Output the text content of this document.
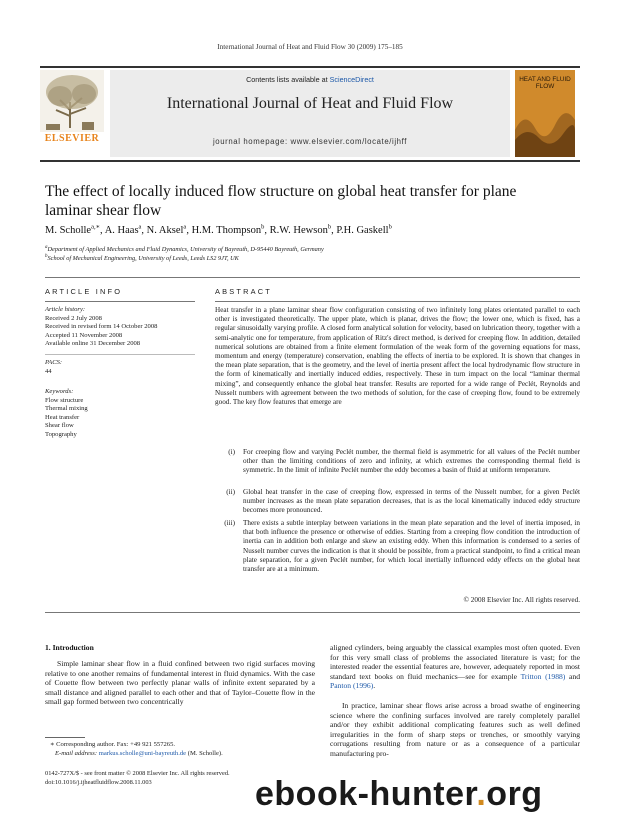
International Journal of Heat and Fluid Flow 30 (2009) 175–185
ELSEVIER
Contents lists available at ScienceDirect
International Journal of Heat and Fluid Flow
journal homepage: www.elsevier.com/locate/ijhff
HEAT AND FLUID FLOW
The effect of locally induced flow structure on global heat transfer for plane laminar shear flow
M. Scholle$^{a,∗}$, A. Haas$^a$, N. Aksel$^a$, H.M. Thompson$^b$, R.W. Hewson$^b$, P.H. Gaskell$^b$
$^a$Department of Applied Mechanics and Fluid Dynamics, University of Bayreuth, D-95440 Bayreuth, Germany
$^b$School of Mechanical Engineering, University of Leeds, Leeds LS2 9JT, UK
ARTICLE INFO
Article history:
Received 2 July 2008
Received in revised form 14 October 2008
Accepted 11 November 2008
Available online 31 December 2008
PACS:
44
Keywords:
Flow structure
Thermal mixing
Heat transfer
Shear flow
Topography
ABSTRACT

Heat transfer in a plane laminar shear flow configuration consisting of two infinitely long plates orientated parallel to each other is investigated theoretically. The upper plate, which is planar, drives the flow; the lower one, which is fixed, has a regular sinusoidally varying profile. A closed form analytical solution for velocity, based on lubrication theory, together with a semi-analytic one for temperature, from application of Ritz's direct method, is derived for creeping flow. In addition, detailed numerical solutions are obtained from a finite element formulation of the weak form of the governing equations for mass, momentum and energy (temperature) conservation, enabling the effects of inertia to be explored. It is shown that changes in the mean plate separation, that is the geometry, and the level of inertia present affect the local hydrodynamic flow structure in the form of kinematically and inertially induced eddies, respectively. These in turn impact on the local “laminar thermal mixing”, and consequently enhance the global heat transfer. Results are reported for a wide range of Peclét, Reynolds and Nusselt numbers with agreement between the two methods of solution, for the case of creeping flow, found to be extremely good. The key flow features that emerge are

(i) For creeping flow and varying Peclét number, the thermal field is asymmetric for all values of the Peclét number other than the limiting conditions of zero and infinity, at which extremes the corresponding thermal field is symmetric. In the limit of infinite Peclét number the eddy becomes a basin of fluid at uniform temperature.
(ii) Global heat transfer in the case of creeping flow, expressed in terms of the Nusselt number, for a given Peclét number increases as the mean plate separation decreases, that is as the local kinematically induced eddy structure becomes more pronounced.
(iii) There exists a subtle interplay between variations in the mean plate separation and the level of inertia imposed, in that both influence the presence or otherwise of eddies. Starting from a creeping flow condition the introduction of inertia can in addition both enlarge and skew an existing eddy. When this information is condensed to a series of Nusselt number curves the indication is that it should be possible, from a practical standpoint, to find a critical mean plate separation, for a given Peclét number, for which local inertially influenced eddy effects on the global heat transfer are at a minimum.
© 2008 Elsevier Inc. All rights reserved.
1. Introduction

Simple laminar shear flow in a fluid confined between two rigid surfaces moving relative to one another remains of fundamental interest in fluid dynamics. With the case of Couette flow between two perfectly planar walls of infinite extent separated by a small distance and aligned parallel to each other and that of Taylor–Couette flow in the small gap formed between two concentrically

aligned cylinders, being arguably the classical examples most often quoted. Even for this very small class of problems the associated literature is vast; for the interested reader the essential features are, however, adequately reported in most standard text books on fluid mechanics—see for example Tritton (1988) and Panton (1996).

In practice, laminar shear flows arise across a broad swathe of engineering science where the confining surfaces involved are rarely completely parallel and/or they exhibit additional complicating features such as well defined irregularities in the form of sharp steps or trenches, or smoothly varying corrugations resulting from nature or as a consequence of a particular manufacturing pro-

∗ Corresponding author. Fax: +49 921 557265.
E-mail address: markus.scholle@uni-bayreuth.de (M. Scholle).
0142-727X/$ - see front matter © 2008 Elsevier Inc. All rights reserved.
doi:10.1016/j.ijheatfluidflow.2008.11.003	ebook-hunter.org
